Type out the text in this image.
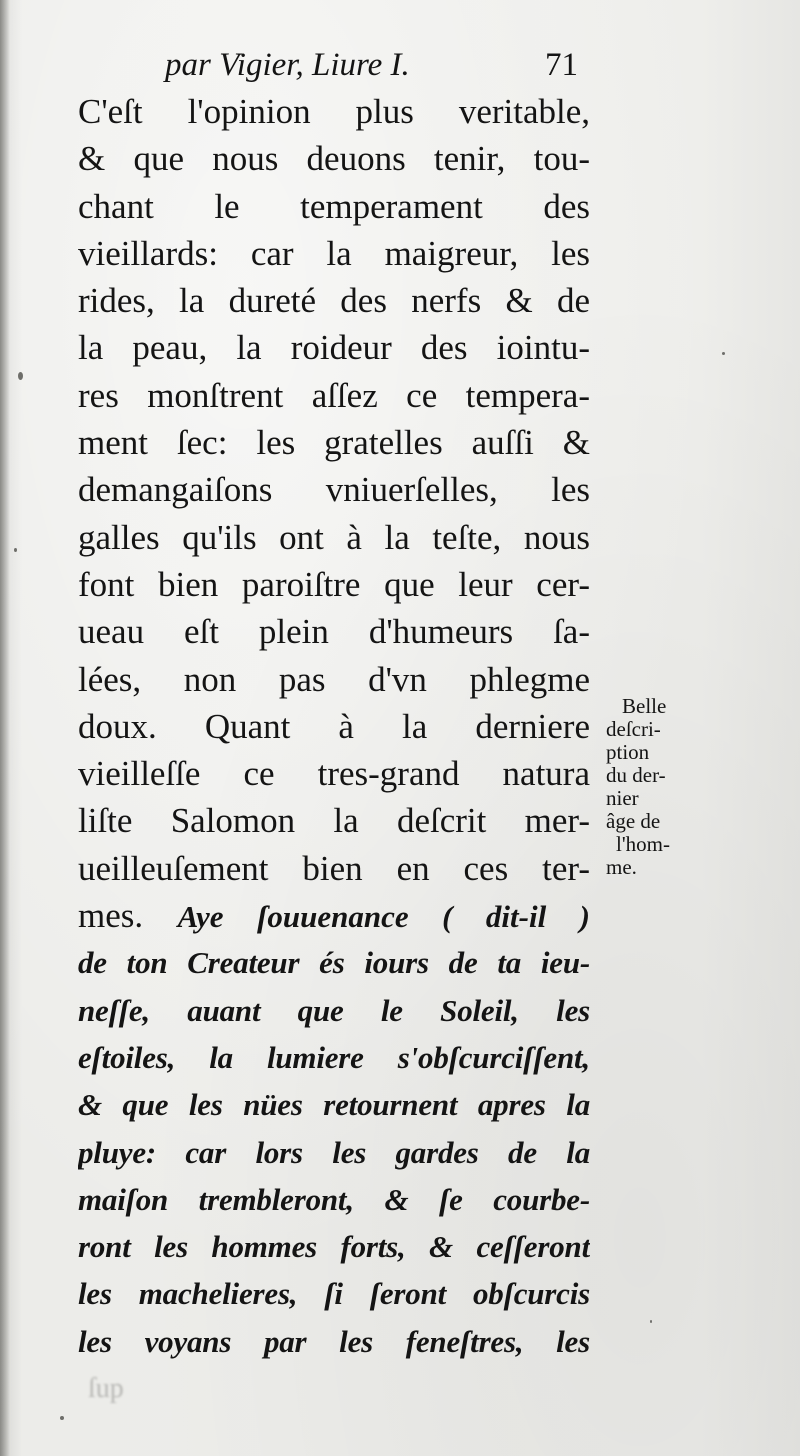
par Vigier, Liure I.	71
C'eſt l'opinion plus veritable,
& que nous deuons tenir, tou-
chant le temperament des
vieillards: car la maigreur, les
rides, la dureté des nerfs & de
la peau, la roideur des iointu-
res monſtrent aſſez ce tempera-
ment ſec: les gratelles auſſi &
demangaiſons vniuerſelles, les
galles qu'ils ont à la teſte, nous
font bien paroiſtre que leur cer-
ueau eſt plein d'humeurs ſa-
lées, non pas d'vn phlegme
doux. Quant à la derniere
vieilleſſe ce tres-grand natura
liſte Salomon la deſcrit mer-
ueilleuſement bien en ces ter-
mes. Aye ſouuenance ( dit-il )
de ton Createur és iours de ta ieu-
neſſe, auant que le Soleil, les
eſtoiles, la lumiere s'obſcurciſſent,
& que les nües retournent apres la
pluye: car lors les gardes de la
maiſon trembleront, & ſe courbe-
ront les hommes forts, & ceſſeront
les machelieres, ſi ſeront obſcurcis
les voyans par les feneſtres, les
ſup
Belle
deſcri-
ption
du der-
nier
âge de
l'hom-
me.
